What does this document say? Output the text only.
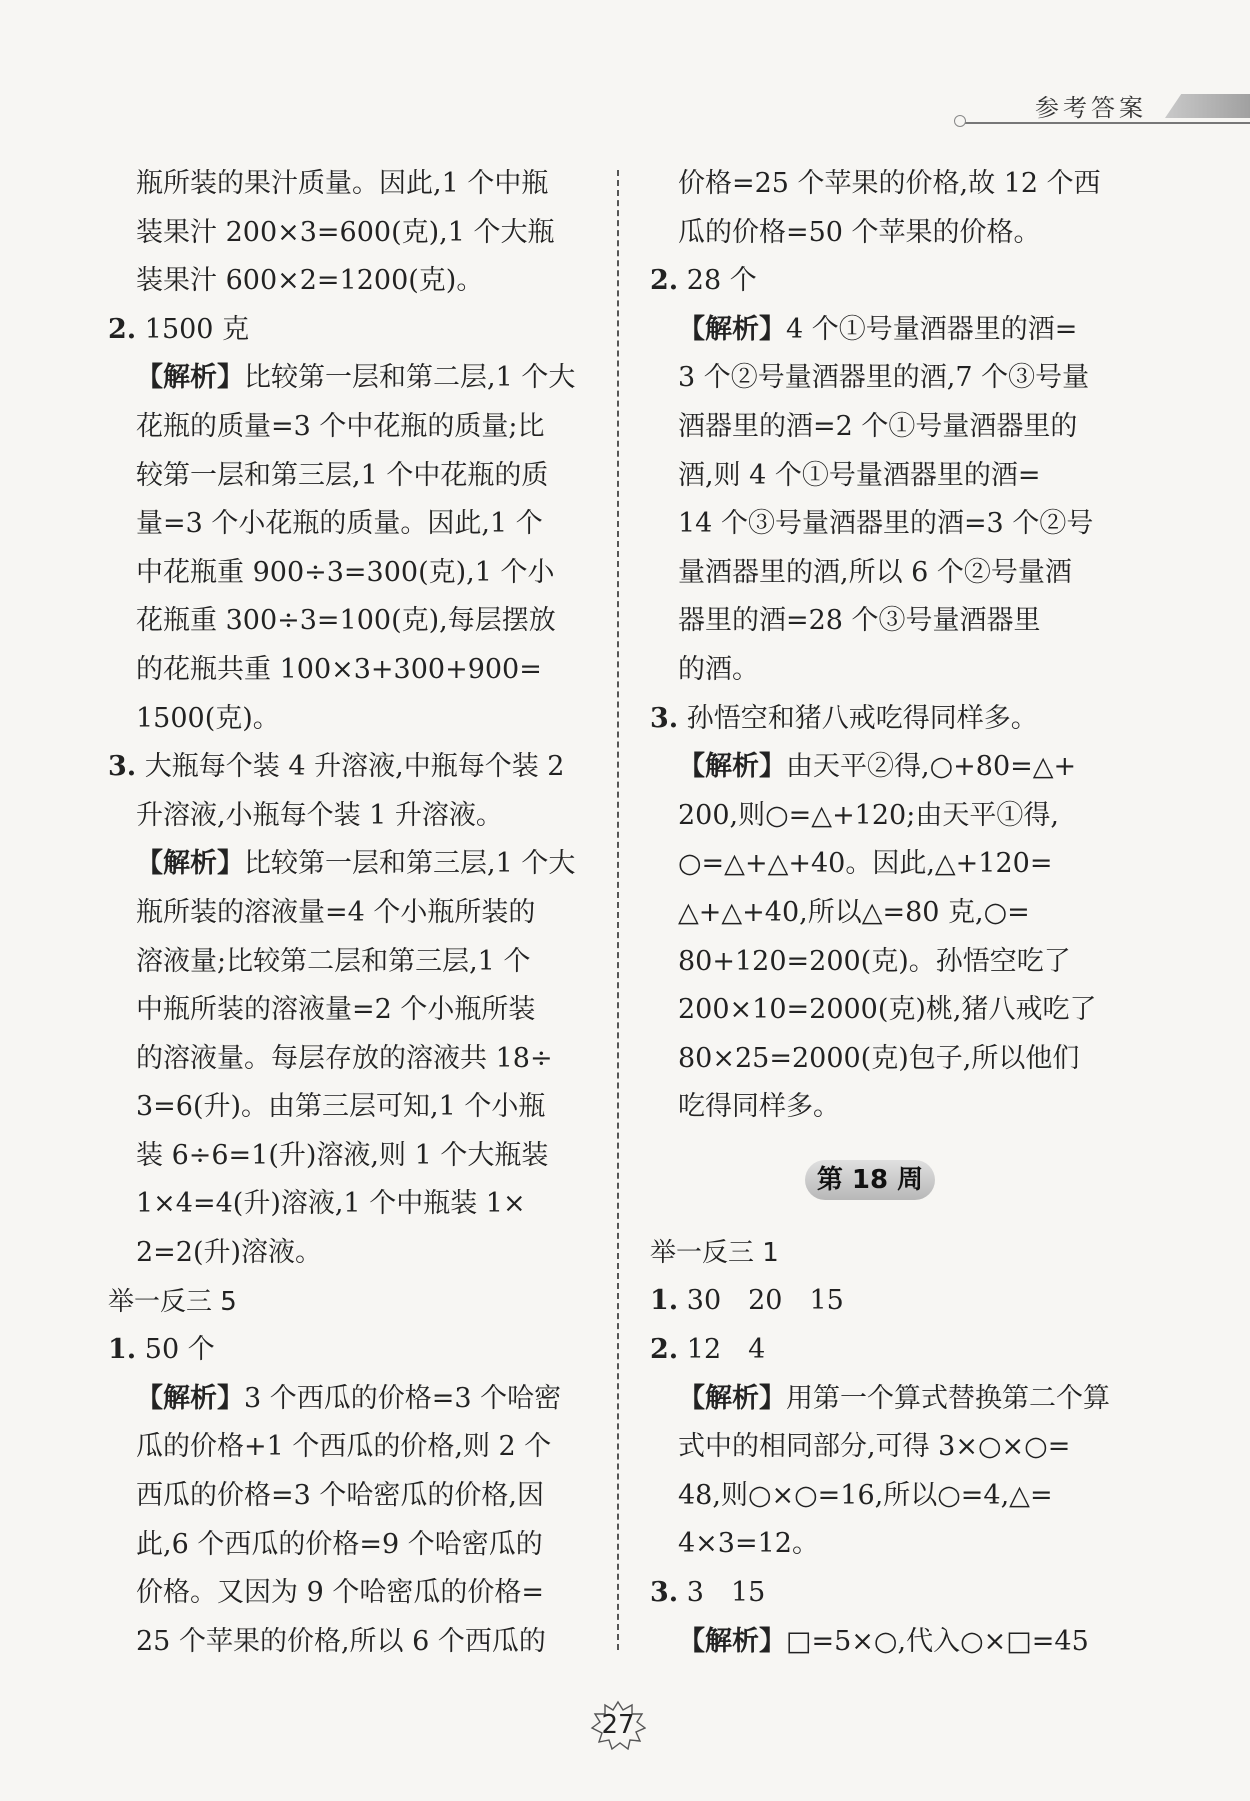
参考答案
瓶所装的果汁质量。因此,1 个中瓶
装果汁 200×3=600(克),1 个大瓶
装果汁 600×2=1200(克)。
2. 1500 克
【解析】比较第一层和第二层,1 个大
花瓶的质量=3 个中花瓶的质量;比
较第一层和第三层,1 个中花瓶的质
量=3 个小花瓶的质量。因此,1 个
中花瓶重 900÷3=300(克),1 个小
花瓶重 300÷3=100(克),每层摆放
的花瓶共重 100×3+300+900=
1500(克)。
3. 大瓶每个装 4 升溶液,中瓶每个装 2
升溶液,小瓶每个装 1 升溶液。
【解析】比较第一层和第三层,1 个大
瓶所装的溶液量=4 个小瓶所装的
溶液量;比较第二层和第三层,1 个
中瓶所装的溶液量=2 个小瓶所装
的溶液量。每层存放的溶液共 18÷
3=6(升)。由第三层可知,1 个小瓶
装 6÷6=1(升)溶液,则 1 个大瓶装
1×4=4(升)溶液,1 个中瓶装 1×
2=2(升)溶液。
举一反三 5
1. 50 个
【解析】3 个西瓜的价格=3 个哈密
瓜的价格+1 个西瓜的价格,则 2 个
西瓜的价格=3 个哈密瓜的价格,因
此,6 个西瓜的价格=9 个哈密瓜的
价格。又因为 9 个哈密瓜的价格=
25 个苹果的价格,所以 6 个西瓜的
价格=25 个苹果的价格,故 12 个西
瓜的价格=50 个苹果的价格。
2. 28 个
【解析】4 个①号量酒器里的酒=
3 个②号量酒器里的酒,7 个③号量
酒器里的酒=2 个①号量酒器里的
酒,则 4 个①号量酒器里的酒=
14 个③号量酒器里的酒=3 个②号
量酒器里的酒,所以 6 个②号量酒
器里的酒=28 个③号量酒器里
的酒。
3. 孙悟空和猪八戒吃得同样多。
【解析】由天平②得,○+80=△+
200,则○=△+120;由天平①得,
○=△+△+40。因此,△+120=
△+△+40,所以△=80 克,○=
80+120=200(克)。孙悟空吃了
200×10=2000(克)桃,猪八戒吃了
80×25=2000(克)包子,所以他们
吃得同样多。
第 18 周
举一反三 1
1. 30　20　15
2. 12　4
【解析】用第一个算式替换第二个算
式中的相同部分,可得 3×○×○=
48,则○×○=16,所以○=4,△=
4×3=12。
3. 3　15
【解析】□=5×○,代入○×□=45
27
